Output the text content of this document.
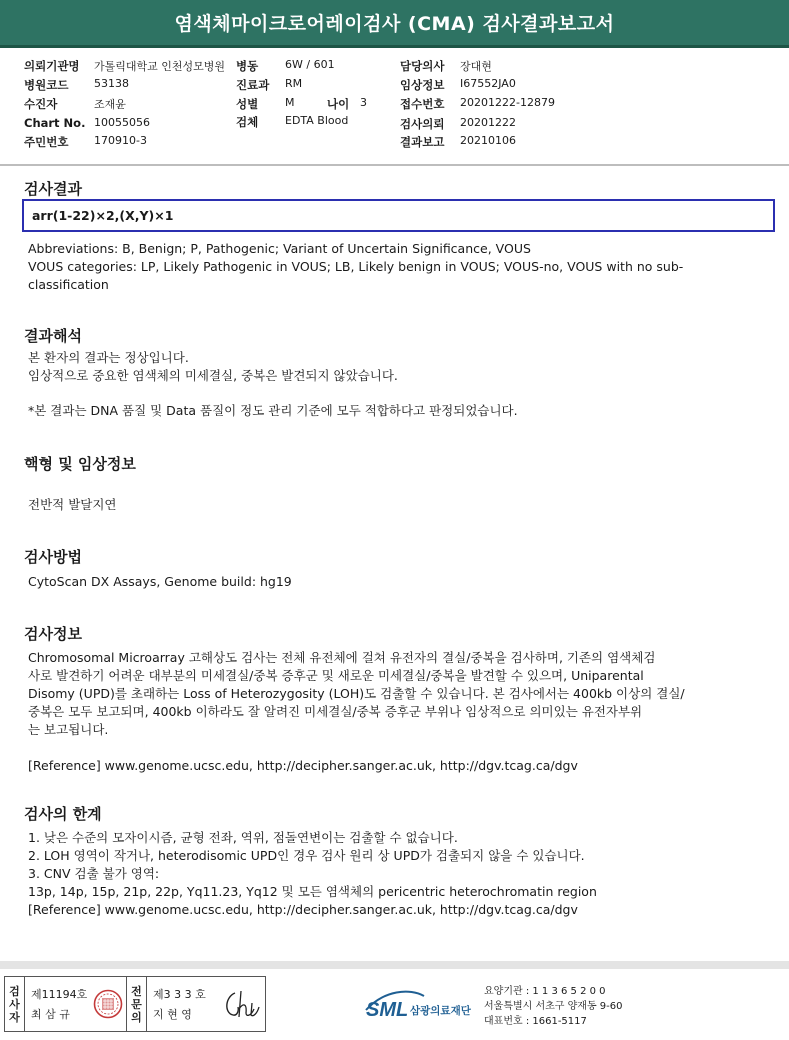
염색체마이크로어레이검사 (CMA) 검사결과보고서
의뢰기관명 가톨릭대학교 인천성모병원 병동 6W / 601	담당의사 장대현
병원코드 53138	진료과 RM	임상정보 I67552JA0
수진자	조재윤	성별 M	나이 3	접수번호 20201222-12879
Chart No. 10055056	검체 EDTA Blood	검사의뢰 20201222
주민번호 170910-3	결과보고 20210106
검사결과
arr(1-22)×2,(X,Y)×1
Abbreviations: B, Benign; P, Pathogenic; Variant of Uncertain Significance, VOUS
VOUS categories: LP, Likely Pathogenic in VOUS; LB, Likely benign in VOUS; VOUS-no, VOUS with no sub-
classification
결과해석
본 환자의 결과는 정상입니다.
임상적으로 중요한 염색체의 미세결실, 중복은 발견되지 않았습니다.
*본 결과는 DNA 품질 및 Data 품질이 정도 관리 기준에 모두 적합하다고 판정되었습니다.
핵형 및 임상정보
전반적 발달지연
검사방법
CytoScan DX Assays, Genome build: hg19
검사정보
Chromosomal Microarray 고해상도 검사는 전체 유전체에 걸쳐 유전자의 결실/중복을 검사하며, 기존의 염색체검
사로 발견하기 어려운 대부분의 미세결실/중복 증후군 및 새로운 미세결실/중복을 발견할 수 있으며, Uniparental
Disomy (UPD)를 초래하는 Loss of Heterozygosity (LOH)도 검출할 수 있습니다. 본 검사에서는 400kb 이상의 결실/
중복은 모두 보고되며, 400kb 이하라도 잘 알려진 미세결실/중복 증후군 부위나 임상적으로 의미있는 유전자부위
는 보고됩니다.
[Reference] www.genome.ucsc.edu, http://decipher.sanger.ac.uk, http://dgv.tcag.ca/dgv
검사의 한계
1. 낮은 수준의 모자이시즘, 균형 전좌, 역위, 점돌연변이는 검출할 수 없습니다.
2. LOH 영역이 작거나, heterodisomic UPD인 경우 검사 원리 상 UPD가 검출되지 않을 수 있습니다.
3. CNV 검출 불가 영역:
13p, 14p, 15p, 21p, 22p, Yq11.23, Yq12 및 모든 염색체의 pericentric heterochromatin region
[Reference] www.genome.ucsc.edu, http://decipher.sanger.ac.uk, http://dgv.tcag.ca/dgv
검
사
자
제11194호
최 삼 규
전
문
의
제3 3 3 호
지 현 영	SML 삼광의료재단
요양기관 : 1 1 3 6 5 2 0 0
서울특별시 서초구 양재동 9-60
대표번호 : 1661-5117
